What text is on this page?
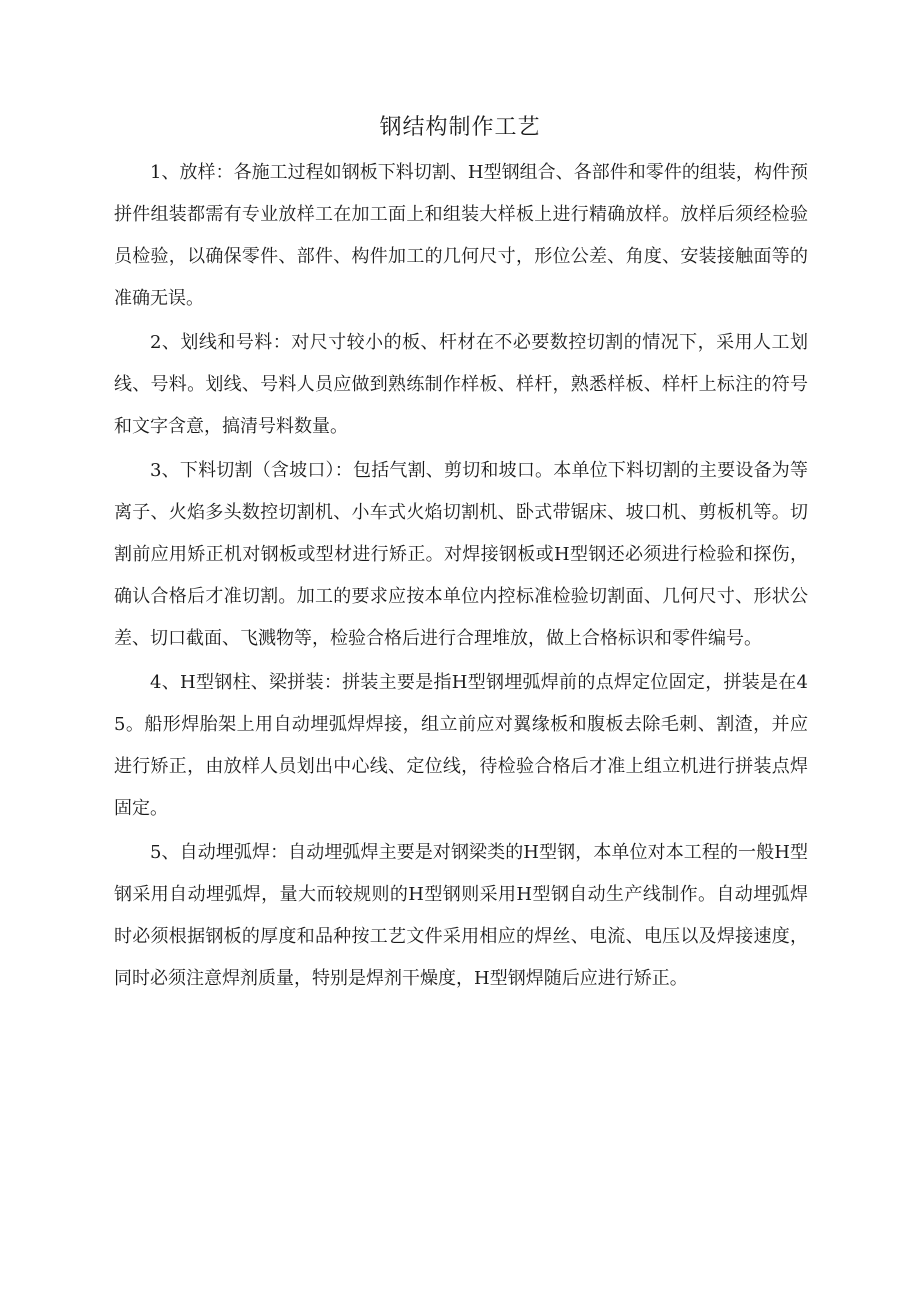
钢结构制作工艺

1、放样：各施工过程如钢板下料切割、H型钢组合、各部件和零件的组装，构件预拼件组装都需有专业放样工在加工面上和组装大样板上进行精确放样。放样后须经检验员检验，以确保零件、部件、构件加工的几何尺寸，形位公差、角度、安装接触面等的准确无误。

2、划线和号料：对尺寸较小的板、杆材在不必要数控切割的情况下，采用人工划线、号料。划线、号料人员应做到熟练制作样板、样杆，熟悉样板、样杆上标注的符号和文字含意，搞清号料数量。

3、下料切割（含坡口）：包括气割、剪切和坡口。本单位下料切割的主要设备为等离子、火焰多头数控切割机、小车式火焰切割机、卧式带锯床、坡口机、剪板机等。切割前应用矫正机对钢板或型材进行矫正。对焊接钢板或H型钢还必须进行检验和探伤，确认合格后才准切割。加工的要求应按本单位内控标准检验切割面、几何尺寸、形状公差、切口截面、飞溅物等，检验合格后进行合理堆放，做上合格标识和零件编号。

4、H型钢柱、梁拼装：拼装主要是指H型钢埋弧焊前的点焊定位固定，拼装是在45。船形焊胎架上用自动埋弧焊焊接，组立前应对翼缘板和腹板去除毛刺、割渣，并应进行矫正，由放样人员划出中心线、定位线，待检验合格后才准上组立机进行拼装点焊固定。

5、自动埋弧焊：自动埋弧焊主要是对钢梁类的H型钢，本单位对本工程的一般H型钢采用自动埋弧焊，量大而较规则的H型钢则采用H型钢自动生产线制作。自动埋弧焊时必须根据钢板的厚度和品种按工艺文件采用相应的焊丝、电流、电压以及焊接速度，同时必须注意焊剂质量，特别是焊剂干燥度，H型钢焊随后应进行矫正。
